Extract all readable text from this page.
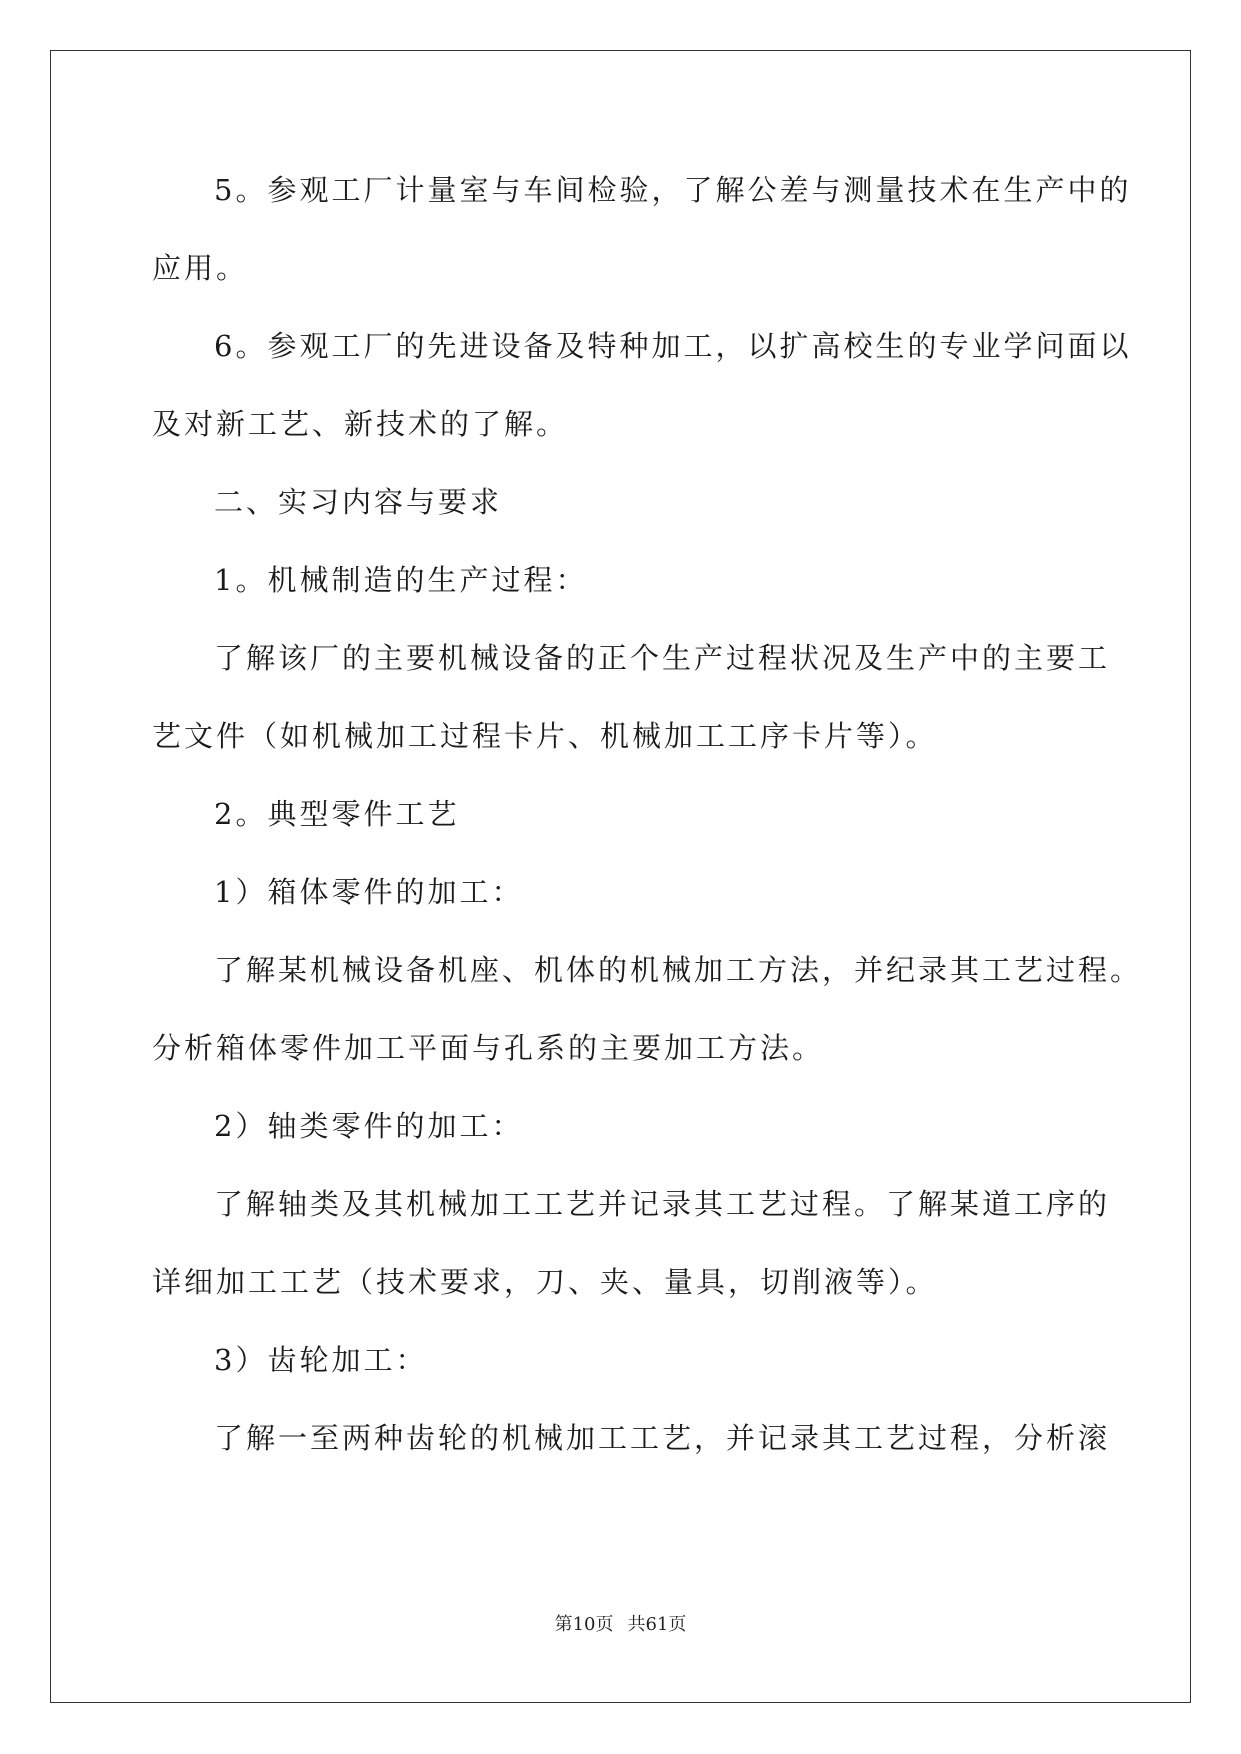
5。参观工厂计量室与车间检验，了解公差与测量技术在生产中的
应用。
6。参观工厂的先进设备及特种加工，以扩高校生的专业学问面以
及对新工艺、新技术的了解。
二、实习内容与要求
1。机械制造的生产过程：
了解该厂的主要机械设备的正个生产过程状况及生产中的主要工
艺文件（如机械加工过程卡片、机械加工工序卡片等）。
2。典型零件工艺
1）箱体零件的加工：
了解某机械设备机座、机体的机械加工方法，并纪录其工艺过程。
分析箱体零件加工平面与孔系的主要加工方法。
2）轴类零件的加工：
了解轴类及其机械加工工艺并记录其工艺过程。了解某道工序的
详细加工工艺（技术要求，刀、夹、量具，切削液等）。
3）齿轮加工：
了解一至两种齿轮的机械加工工艺，并记录其工艺过程，分析滚
第10页 共61页
